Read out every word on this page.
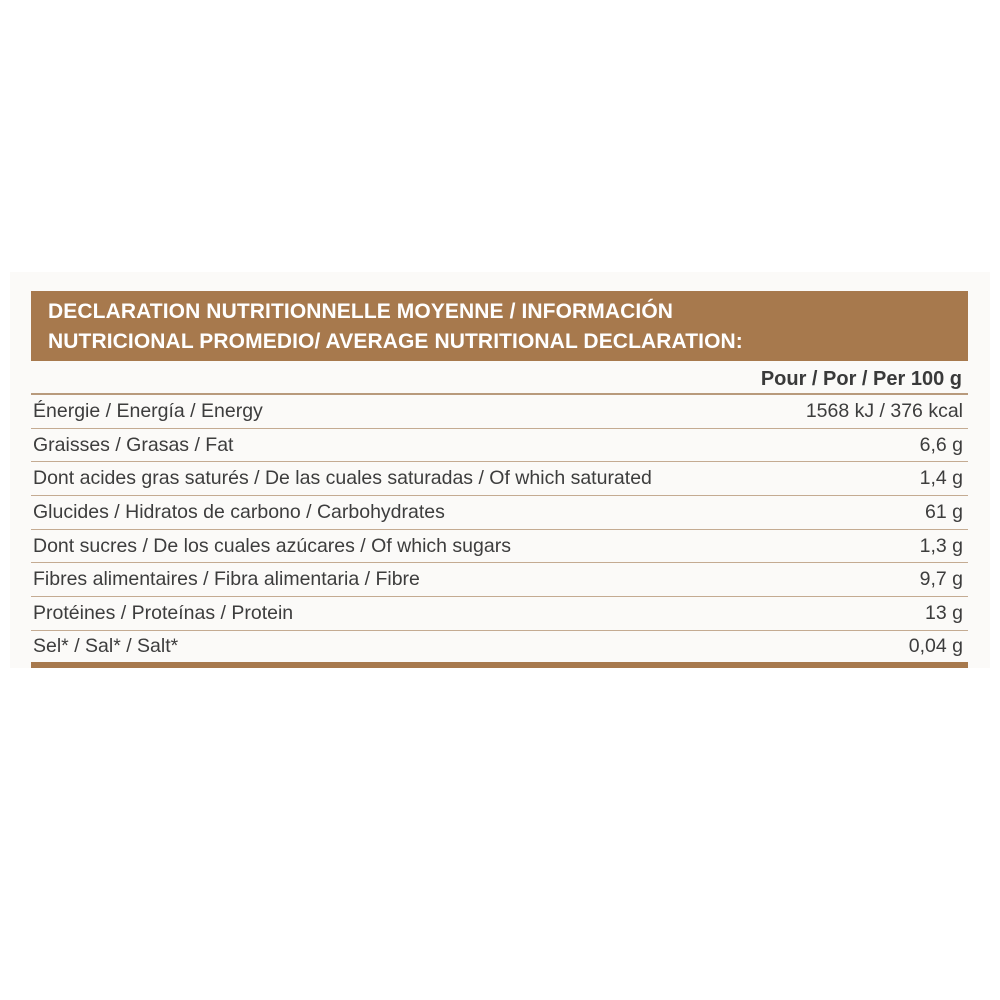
DECLARATION NUTRITIONNELLE MOYENNE / INFORMACIÓN
NUTRICIONAL PROMEDIO/ AVERAGE NUTRITIONAL DECLARATION:
Pour / Por / Per 100 g
Énergie / Energía / Energy	1568 kJ / 376 kcal
Graisses / Grasas / Fat	6,6 g
Dont acides gras saturés / De las cuales saturadas / Of which saturated	1,4 g
Glucides / Hidratos de carbono / Carbohydrates	61 g
Dont sucres / De los cuales azúcares / Of which sugars	1,3 g
Fibres alimentaires / Fibra alimentaria / Fibre	9,7 g
Protéines / Proteínas / Protein	13 g
Sel* / Sal* / Salt*	0,04 g
